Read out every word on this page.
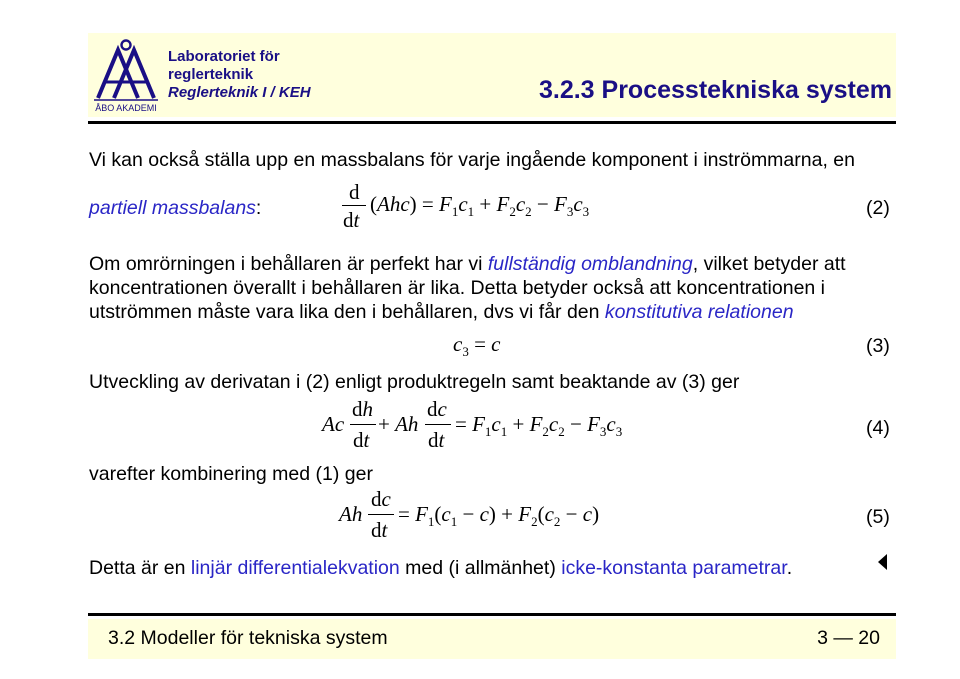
ÅBO AKADEMI
Laboratoriet för
reglerteknik
Reglerteknik I / KEH	3.2.3 Processtekniska system
Vi kan också ställa upp en massbalans för varje ingående komponent i inströmmarna, en
partiell massbalans:
d
dt
$(Ahc) = F_1c_1 + F_2c_2 - F_3c_3$	(2)
Om omrörningen i behållaren är perfekt har vi fullständig omblandning, vilket betyder att
koncentrationen överallt i behållaren är lika. Detta betyder också att koncentrationen i
utströmmen måste vara lika den i behållaren, dvs vi får den konstitutiva relationen
$c_3 = c$	(3)
Utveckling av derivatan i (2) enligt produktregeln samt beaktande av (3) ger
Ac
dh
dt
+ Ah
dc
dt
= $F_1c_1 + F_2c_2 - F_3c_3$	(4)
varefter kombinering med (1) ger
Ah
dc
dt
= $F_1(c_1 - c) + F_2(c_2 - c)$	(5)
Detta är en linjär differentialekvation med (i allmänhet) icke-konstanta parametrar.
3.2 Modeller för tekniska system	3 — 20
